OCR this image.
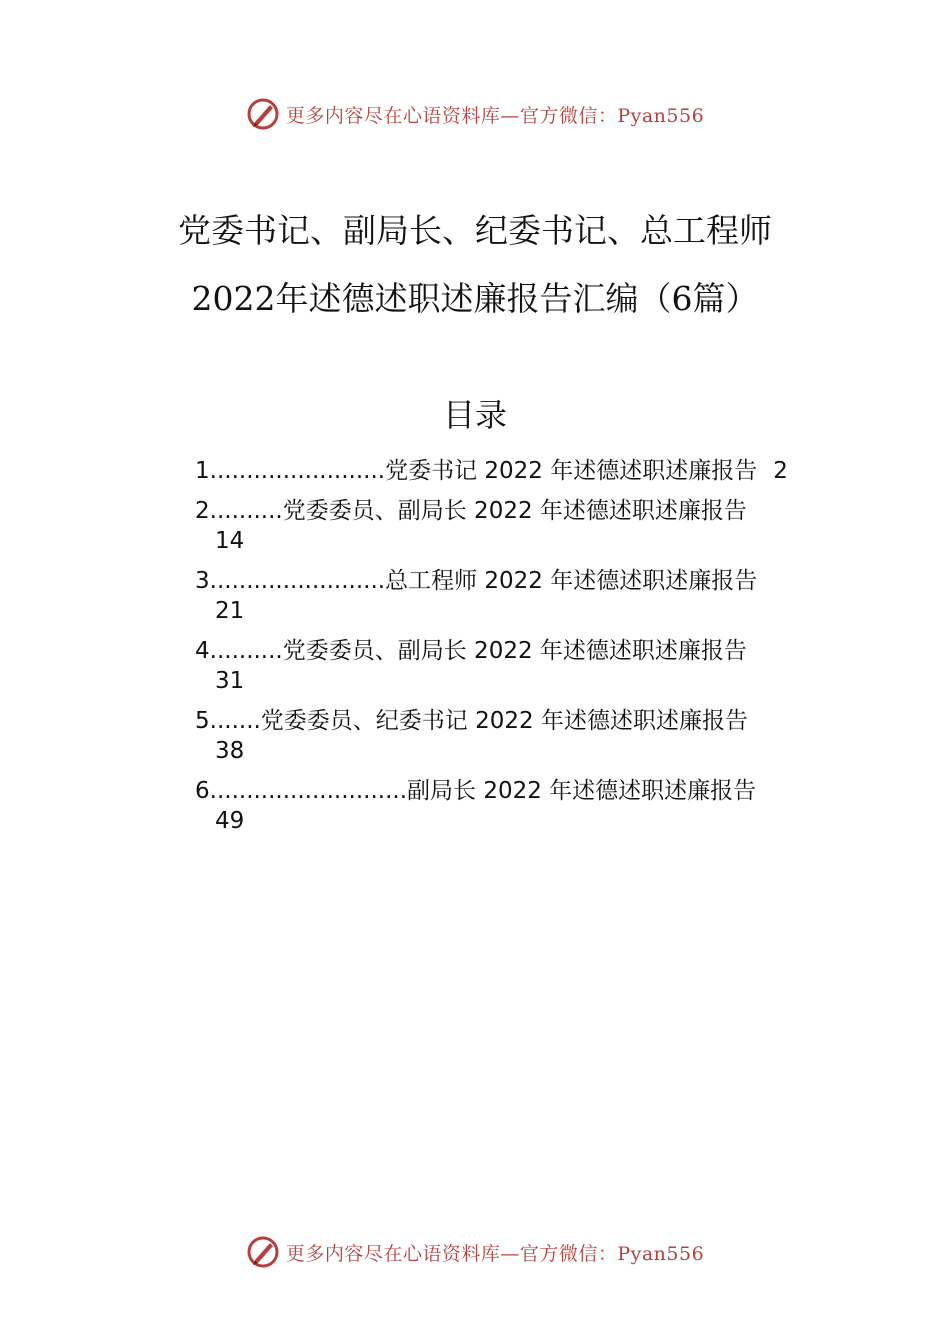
更多内容尽在心语资料库—官方微信：Pyan556
党委书记、副局长、纪委书记、总工程师
2022年述德述职述廉报告汇编（6篇）
目录
1........................党委书记 2022 年述德述职述廉报告 2
2..........党委委员、副局长 2022 年述德述职述廉报告
14
3........................总工程师 2022 年述德述职述廉报告
21
4..........党委委员、副局长 2022 年述德述职述廉报告
31
5.......党委委员、纪委书记 2022 年述德述职述廉报告
38
6...........................副局长 2022 年述德述职述廉报告
49
更多内容尽在心语资料库—官方微信：Pyan556
